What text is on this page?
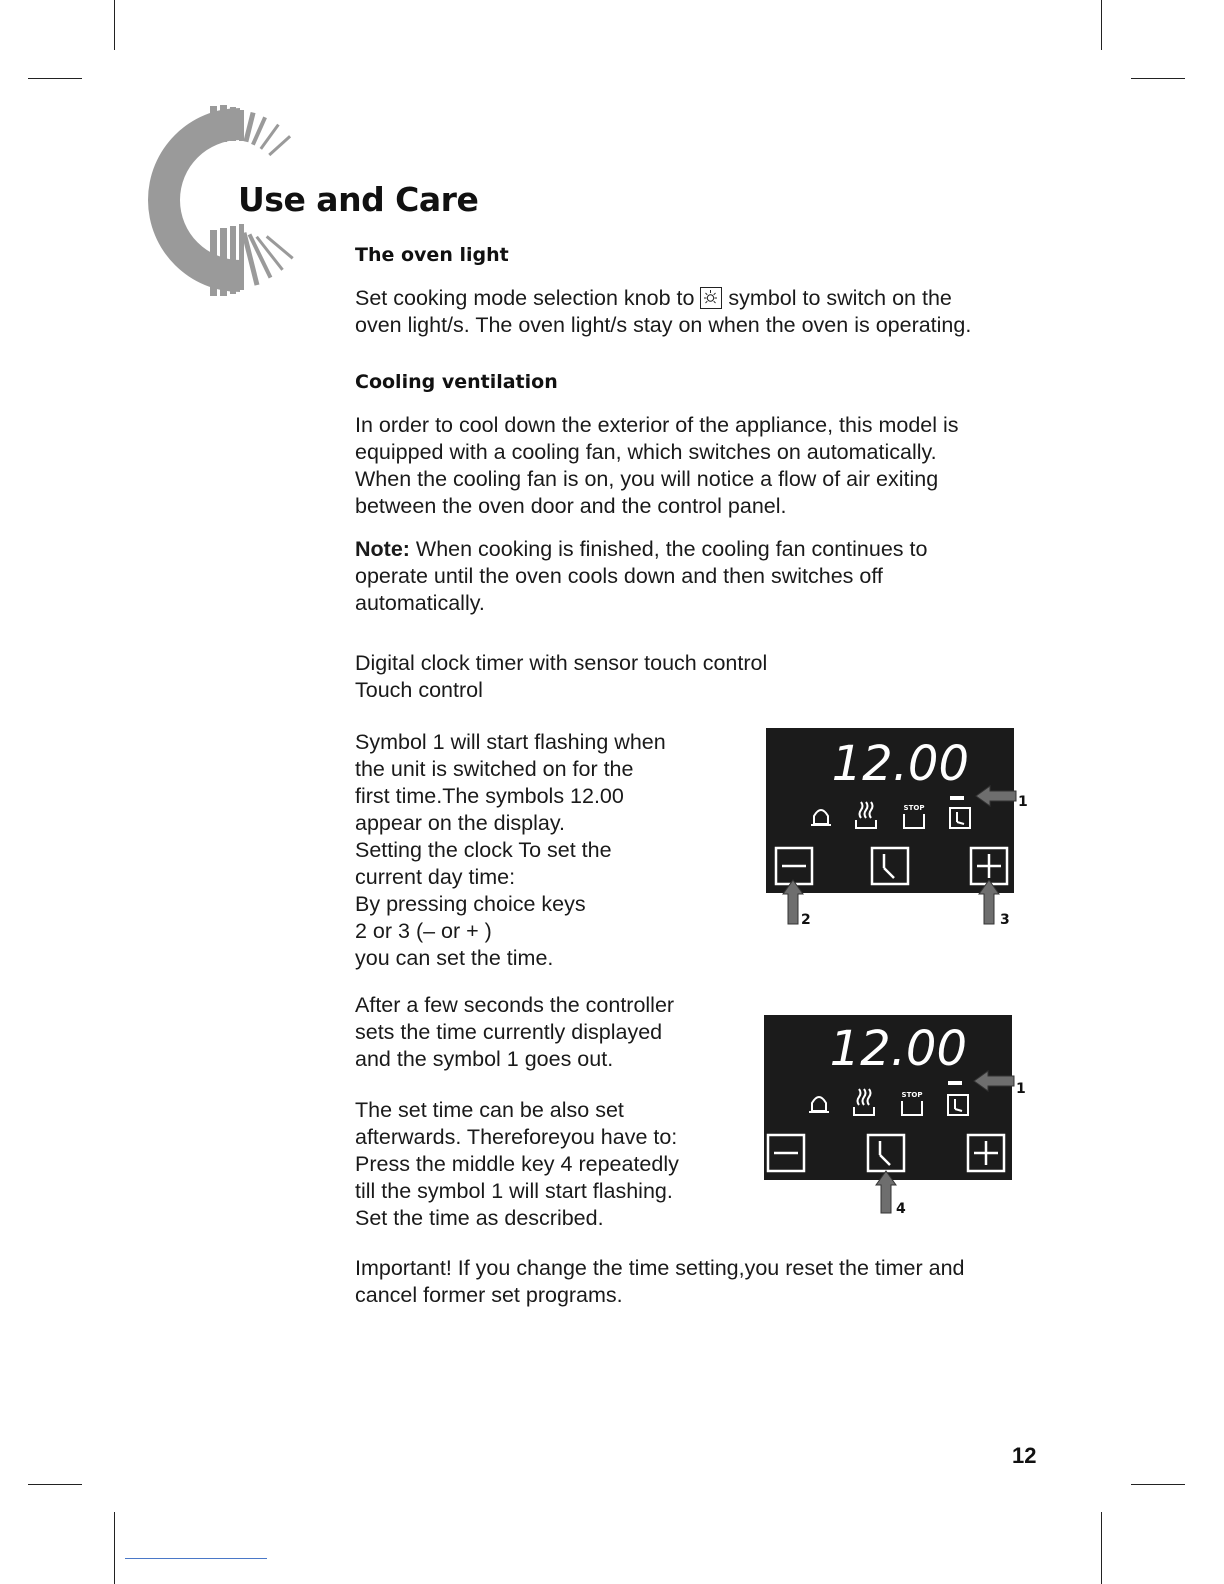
Use and Care
The oven light
Set cooking mode selection knob to symbol to switch on the
oven light/s. The oven light/s stay on when the oven is operating.
Cooling ventilation
In order to cool down the exterior of the appliance, this model is
equipped with a cooling fan, which switches on automatically.
When the cooling fan is on, you will notice a flow of air exiting
between the oven door and the control panel.
Note: When cooking is finished, the cooling fan continues to
operate until the oven cools down and then switches off
automatically.
Digital clock timer with sensor touch control
Touch control
Symbol 1 will start flashing when
the unit is switched on for the
first time.The symbols 12.00
appear on the display.
Setting the clock To set the
current day time:
By pressing choice keys
2 or 3 (– or + )
you can set the time.
After a few seconds the controller
sets the time currently displayed
and the symbol 1 goes out.
The set time can be also set
afterwards. Thereforeyou have to:
Press the middle key 4 repeatedly
till the symbol 1 will start flashing.
Set the time as described.
Important! If you change the time setting,you reset the timer and
cancel former set programs.
12.00
STOP	1
2	3
12.00
STOP	1
4
12
